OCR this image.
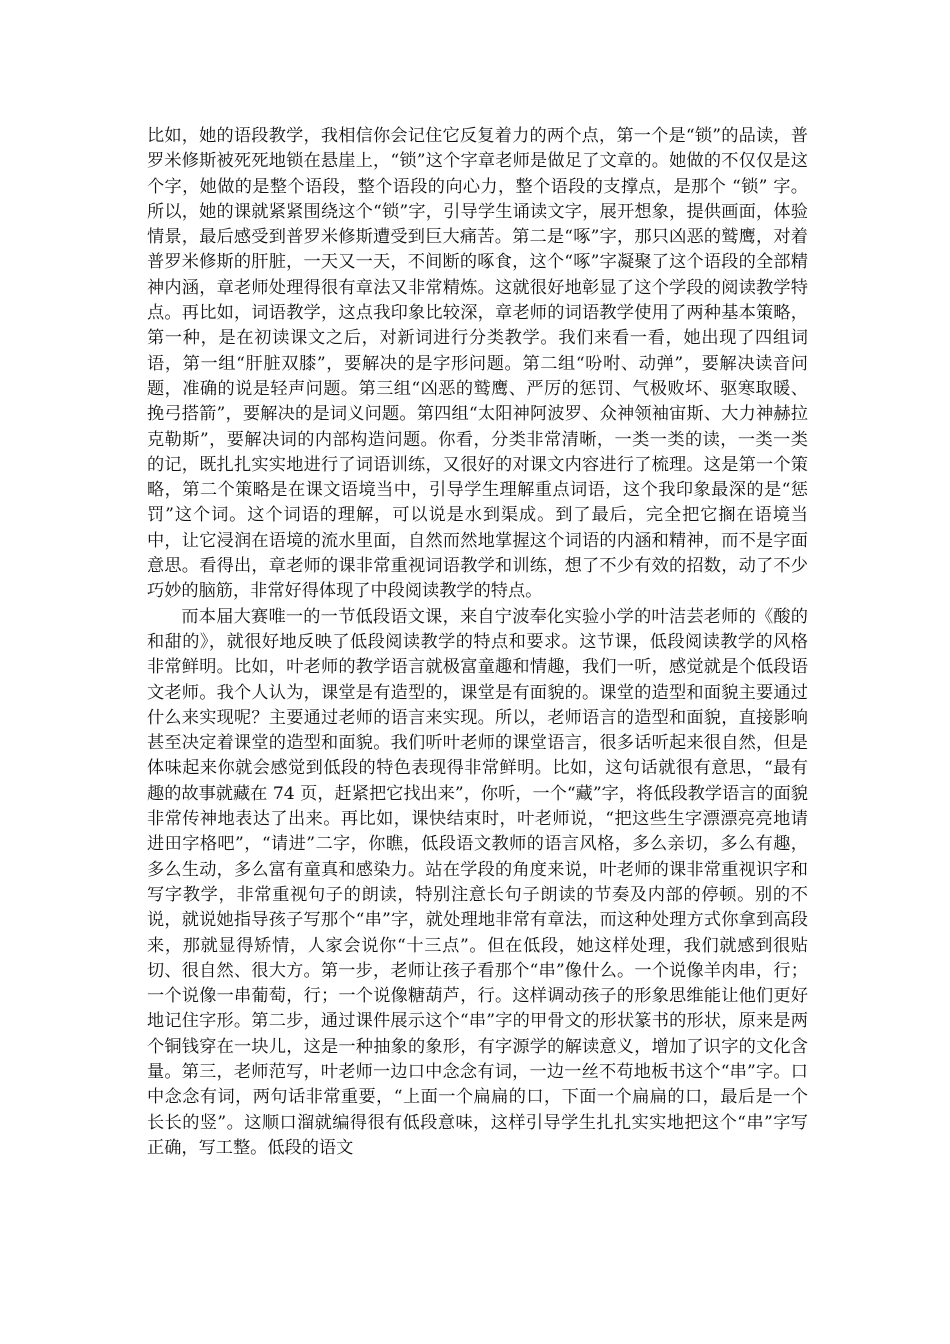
比如，她的语段教学，我相信你会记住它反复着力的两个点，第一个是“锁”的品读，普罗米修斯被死死地锁在悬崖上，“锁”这个字章老师是做足了文章的。她做的不仅仅是这个字，她做的是整个语段，整个语段的向心力，整个语段的支撑点，是那个 “锁” 字。所以，她的课就紧紧围绕这个“锁”字，引导学生诵读文字，展开想象，提供画面，体验情景，最后感受到普罗米修斯遭受到巨大痛苦。第二是“啄”字，那只凶恶的鹫鹰，对着普罗米修斯的肝脏，一天又一天，不间断的啄食，这个“啄”字凝聚了这个语段的全部精神内涵，章老师处理得很有章法又非常精炼。这就很好地彰显了这个学段的阅读教学特点。再比如，词语教学，这点我印象比较深，章老师的词语教学使用了两种基本策略，第一种，是在初读课文之后，对新词进行分类教学。我们来看一看，她出现了四组词语，第一组“肝脏双膝”，要解决的是字形问题。第二组“吩咐、动弹”，要解决读音问题，准确的说是轻声问题。第三组“凶恶的鹫鹰、严厉的惩罚、气极败坏、驱寒取暖、挽弓搭箭”，要解决的是词义问题。第四组“太阳神阿波罗、众神领袖宙斯、大力神赫拉克勒斯”，要解决词的内部构造问题。你看，分类非常清晰，一类一类的读，一类一类的记，既扎扎实实地进行了词语训练，又很好的对课文内容进行了梳理。这是第一个策略，第二个策略是在课文语境当中，引导学生理解重点词语，这个我印象最深的是“惩罚”这个词。这个词语的理解，可以说是水到渠成。到了最后，完全把它搁在语境当中，让它浸润在语境的流水里面，自然而然地掌握这个词语的内涵和精神，而不是字面意思。看得出，章老师的课非常重视词语教学和训练，想了不少有效的招数，动了不少巧妙的脑筋，非常好得体现了中段阅读教学的特点。

而本届大赛唯一的一节低段语文课，来自宁波奉化实验小学的叶洁芸老师的《酸的和甜的》，就很好地反映了低段阅读教学的特点和要求。这节课，低段阅读教学的风格非常鲜明。比如，叶老师的教学语言就极富童趣和情趣，我们一听，感觉就是个低段语文老师。我个人认为，课堂是有造型的，课堂是有面貌的。课堂的造型和面貌主要通过什么来实现呢？主要通过老师的语言来实现。所以，老师语言的造型和面貌，直接影响甚至决定着课堂的造型和面貌。我们听叶老师的课堂语言，很多话听起来很自然，但是体味起来你就会感觉到低段的特色表现得非常鲜明。比如，这句话就很有意思，“最有趣的故事就藏在 74 页，赶紧把它找出来”，你听，一个“藏”字，将低段教学语言的面貌非常传神地表达了出来。再比如，课快结束时，叶老师说，“把这些生字漂漂亮亮地请进田字格吧”，“请进”二字，你瞧，低段语文教师的语言风格，多么亲切，多么有趣，多么生动，多么富有童真和感染力。站在学段的角度来说，叶老师的课非常重视识字和写字教学，非常重视句子的朗读，特别注意长句子朗读的节奏及内部的停顿。别的不说，就说她指导孩子写那个“串”字，就处理地非常有章法，而这种处理方式你拿到高段来，那就显得矫情，人家会说你“十三点”。但在低段，她这样处理，我们就感到很贴切、很自然、很大方。第一步，老师让孩子看那个“串”像什么。一个说像羊肉串，行；一个说像一串葡萄，行；一个说像糖葫芦，行。这样调动孩子的形象思维能让他们更好地记住字形。第二步，通过课件展示这个“串”字的甲骨文的形状篆书的形状，原来是两个铜钱穿在一块儿，这是一种抽象的象形，有字源学的解读意义，增加了识字的文化含量。第三，老师范写，叶老师一边口中念念有词，一边一丝不苟地板书这个“串”字。口中念念有词，两句话非常重要，“上面一个扁扁的口，下面一个扁扁的口，最后是一个长长的竖”。这顺口溜就编得很有低段意味，这样引导学生扎扎实实地把这个“串”字写正确，写工整。低段的语文
